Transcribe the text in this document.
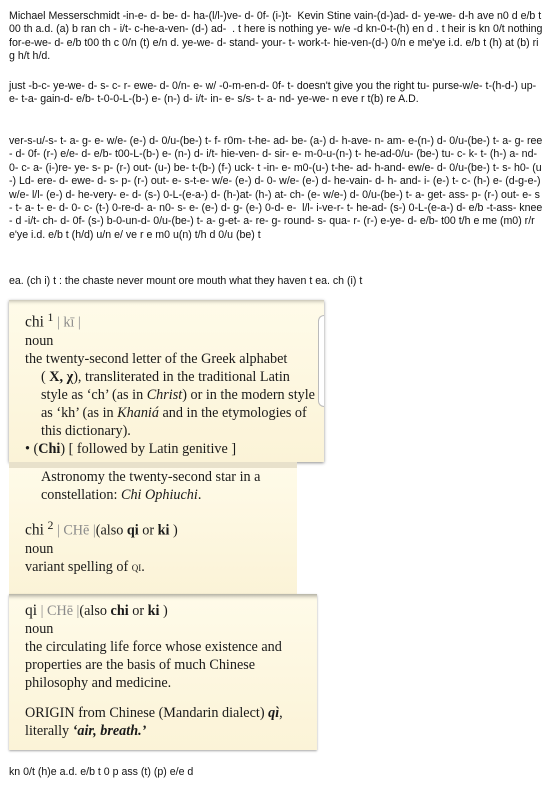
Michael Messerschmidt -in-e- d- be- d- ha-(l/l-)ve- d- 0f- (i-)t-  Kevin Stine vain-(d-)ad- d- ye-we- d-h ave n0 d e/b t00 th a.d. (a) b ran ch - i/t- c-he-a-ven- (d-) ad-  . t here is nothing ye- w/e -d kn-0-t-(h) en d . t heir is kn 0/t nothing for-e-we- d- e/b t00 th c 0/n (t) e/n d. ye-we- d- stand- your- t- work-t- hie-ven-(d-) 0/n e me'ye i.d. e/b t (h) at (b) rig h/t h/d.
just -b-c- ye-we- d- s- c- r- ewe- d- 0/n- e- w/ -0-m-en-d- 0f- t- doesn't give you the right tu- purse-w/e- t-(h-d-) up- e- t-a- gain-d- e/b- t-0-0-L-(b-) e- (n-) d- i/t- in- e- s/s- t- a- nd- ye-we- n eve r t(b) re A.D.
ver-s-u/-s- t- a- g- e- w/e- (e-) d- 0/u-(be-) t- f- r0m- t-he- ad- be- (a-) d- h-ave- n- am- e-(n-) d- 0/u-(be-) t- a- g- ree- d- 0f- (r-) e/e- d- e/b- t00-L-(b-) e- (n-) d- i/t- hie-ven- d- sir- e- m-0-u-(n-) t- he-ad-0/u- (be-) tu- c- k- t- (h-) a- nd- 0- c- a- (i-)re- ye- s- p- (r-) out- (u-) be- t-(b-) (f-) uck- t -in- e- m0-(u-) t-he- ad- h-and- ew/e- d- 0/u-(be-) t- s- h0- (u-) Ld- ere- d- ewe- d- s- p- (r-) out- e- s-t-e- w/e- (e-) d- 0- w/e- (e-) d- he-vain- d- h- and- i- (e-) t- c- (h-) e- (d-g-e-) w/e- l/l- (e-) d- he-very- e- d- (s-) 0-L-(e-a-) d- (h-)at- (h-) at- ch- (e- w/e-) d- 0/u-(be-) t- a- get- ass- p- (r-) out- e- s- t- a- t- e- d- 0- c- (t-) 0-re-d- a- n0- s- e- (e-) d- g- (e-) 0-d- e-  l/l- i-ve-r- t- he-ad- (s-) 0-L-(e-a-) d- e/b -t-ass- knee- d -i/t- ch- d- 0f- (s-) b-0-un-d- 0/u-(be-) t- a- g-et- a- re- g- round- s- qua- r- (r-) e-ye- d- e/b- t00 t/h e me (m0) r/r e'ye i.d. e/b t (h/d) u/n e/ ve r e m0 u(n) t/h d 0/u (be) t
ea. (ch i) t : the chaste never mount ore mouth what they haven t ea. ch (i) t
chi $^1$ | kī |
noun
the twenty-second letter of the Greek alphabet
( Χ, χ), transliterated in the traditional Latin style as ‘ch’ (as in Christ) or in the modern style as ‘kh’ (as in Khaniá and in the etymologies of this dictionary).
• (Chi) [ followed by Latin genitive ]
Astronomy the twenty-second star in a constellation: Chi Ophiuchi.
chi $^2$ | CHē |(also qi or ki )
noun
variant spelling of qi.
qi | CHē |(also chi or ki )
noun
the circulating life force whose existence and properties are the basis of much Chinese philosophy and medicine.
ORIGIN from Chinese (Mandarin dialect) qì,
literally ‘air, breath.’
kn 0/t (h)e a.d. e/b t 0 p ass (t) (p) e/e d
